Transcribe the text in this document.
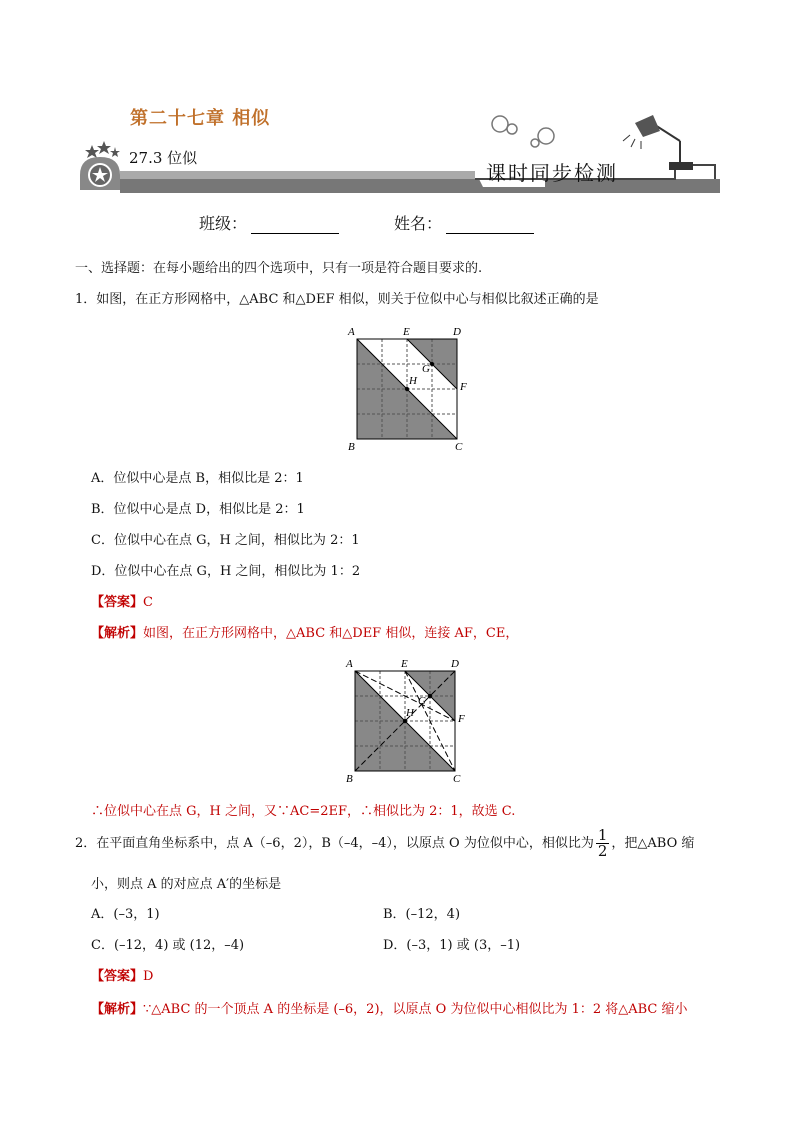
第二十七章 相似
27.3 位似
课时同步检测
班级：	姓名：
一、选择题：在每小题给出的四个选项中，只有一项是符合题目要求的.
1．如图，在正方形网格中，△ABC 和△DEF 相似，则关于位似中心与相似比叙述正确的是
A
B	C
D
E
F
G
H
A．位似中心是点 B，相似比是 2：1
B．位似中心是点 D，相似比是 2：1
C．位似中心在点 G，H 之间，相似比为 2：1
D．位似中心在点 G，H 之间，相似比为 1：2
【答案】C
【解析】如图，在正方形网格中，△ABC 和△DEF 相似，连接 AF，CE，
A
B	C
D
E
F
G
H
∴位似中心在点 G，H 之间，又∵AC=2EF，∴相似比为 2：1，故选 C.
2．在平面直角坐标系中，点 A（–6，2），B（–4，–4），以原点 O 为位似中心，相似比为 $\frac{1}{2}$ ，把△ABO 缩
小，则点 A 的对应点 A′的坐标是
A．(–3，1)	B．(–12，4)
C．(–12，4) 或 (12，–4)	D．(–3，1) 或 (3，–1)
【答案】D
【解析】∵△ABC 的一个顶点 A 的坐标是 (–6，2)，以原点 O 为位似中心相似比为 1：2 将△ABC 缩小
